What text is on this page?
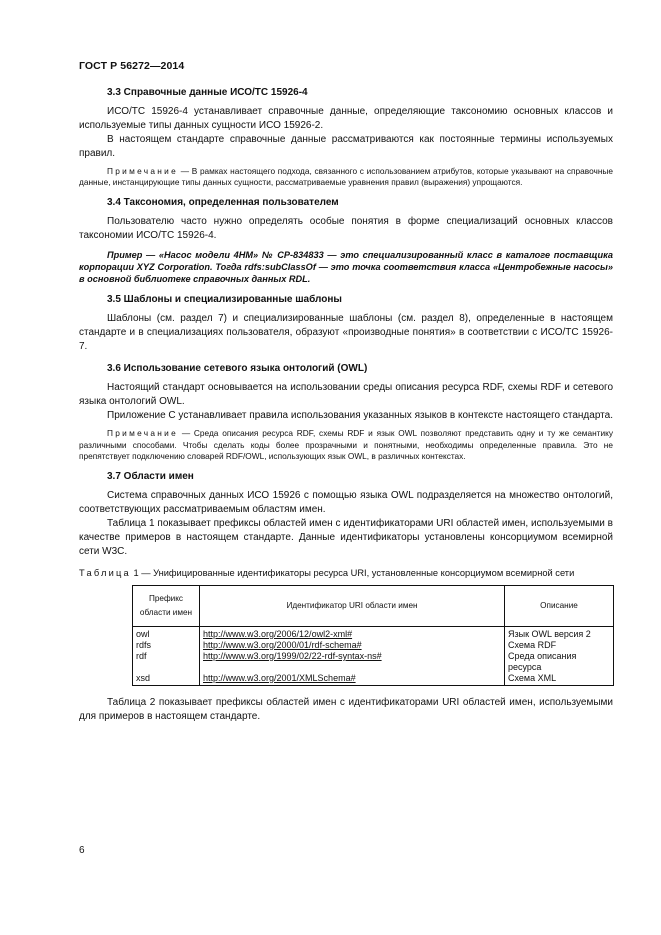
ГОСТ Р 56272—2014
3.3 Справочные данные ИСО/ТС 15926-4

ИСО/ТС 15926-4 устанавливает справочные данные, определяющие таксономию основных классов и используемые типы данных сущности ИСО 15926-2.

В настоящем стандарте справочные данные рассматриваются как постоянные термины используемых правил.

Примечание — В рамках настоящего подхода, связанного с использованием атрибутов, которые указывают на справочные данные, инстанцирующие типы данных сущности, рассматриваемые уравнения правил (выражения) упрощаются.

3.4 Таксономия, определенная пользователем

Пользователю часто нужно определять особые понятия в форме специализаций основных классов таксономии ИСО/ТС 15926-4.

Пример — «Насос модели 4НМ» № CP-834833 — это специализированный класс в каталоге поставщика корпорации XYZ Corporation. Тогда rdfs:subClassOf — это точка соответствия класса «Центробежные насосы» в основной библиотеке справочных данных RDL.

3.5 Шаблоны и специализированные шаблоны

Шаблоны (см. раздел 7) и специализированные шаблоны (см. раздел 8), определенные в настоящем стандарте и в специализациях пользователя, образуют «производные понятия» в соответствии с ИСО/ТС 15926-7.

3.6 Использование сетевого языка онтологий (OWL)

Настоящий стандарт основывается на использовании среды описания ресурса RDF, схемы RDF и сетевого языка онтологий OWL.

Приложение С устанавливает правила использования указанных языков в контексте настоящего стандарта.

Примечание — Среда описания ресурса RDF, схемы RDF и язык OWL позволяют представить одну и ту же семантику различными способами. Чтобы сделать коды более прозрачными и понятными, необходимы определенные правила. Это не препятствует подключению словарей RDF/OWL, использующих язык OWL, в различных контекстах.

3.7 Области имен

Система справочных данных ИСО 15926 с помощью языка OWL подразделяется на множество онтологий, соответствующих рассматриваемым областям имен.

Таблица 1 показывает префиксы областей имен с идентификаторами URI областей имен, используемыми в качестве примеров в настоящем стандарте. Данные идентификаторы установлены консорциумом всемирной сети W3C.

Таблица 1 — Унифицированные идентификаторы ресурса URI, установленные консорциумом всемирной сети
Префикс области имен	Идентификатор URI области имен	Описание
owl	http://www.w3.org/2006/12/owl2-xml#	Язык OWL версия 2
rdfs	http://www.w3.org/2000/01/rdf-schema#	Схема RDF
rdf	http://www.w3.org/1999/02/22-rdf-syntax-ns#	Среда описания ресурса
xsd	http://www.w3.org/2001/XMLSchema#	Схема XML

Таблица 2 показывает префиксы областей имен с идентификаторами URI областей имен, используемыми для примеров в настоящем стандарте.

6
